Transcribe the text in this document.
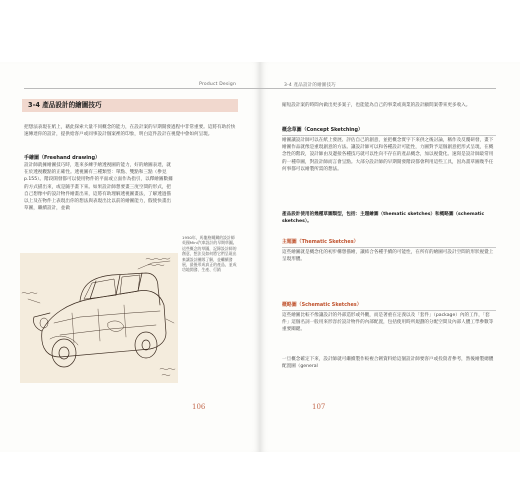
Product Design
3-4 產品設計的繪圖技巧

把想法表現在紙上，藉此探索大量不同概念的能力，在設計案的早期開發過程中非常重要。這將有助於快速傳達你的設計，提供給客戶或同事設計個案裡的印象，明白這件設計在視覺中會如何呈現。

手繪圖（Freehand drawing）

設計師就擁繪圖技巧時，進來多練手繪透視圖的能力，好的繪圖表達，就在於透視觀點的正確性。透視圖有三種類型：單點、雙點和三點（參見p.155）。階段開發都可以使用物件的平面或立面作為指引，以釋繪圖數據的方式描出來，或是隨手畫下來。如果設計師想要畫三度空間的形式，把自己想像中的設計物件繪畫出來，這將有助理解透視圖畫法，了解透過描以上及在物件上表現出你的想法與表現出比以前的繪圖能力，假使快畫出草圖，繼續設計，並做

1950年，馬龍格爾鋼的設計師英國Mini汽車設計的早期草圖。這些概念的草圖，記錄設計師的創意，想法及如何將它們呈現出來讓設計團隊了解，並繼續發展，最後形成真正的產品，並成功地開發、生產、行銷
106
3-4 產品設計的繪圖技巧

縮短設計案的時間內做出更多案子，也能能為自己的事業或商業的設計顧問案帶來更多收入。

概念草圖（Concept Sketching）

繪圖讓設計師可以在紙上發展、評估自己的創意，並把概念實字下來供之後討論，稱作及反覆研發，畫下繪圖作品就像是重現創意的方法。讓設計師可以和各種設計可能性，力圖對予這個創意把形式呈現，在概念性的階段，設計師由及邊接各種技巧就可以性向不存在的產品概念，加以視覺化。速寫是設計師最常用的一種草圖，對設計師而言會呈點。大部分設計師的早期開發階段都會利用這些工具，因為畫草圖幾乎任何事都可以繪製所需的想法。

產品設計使用的幾種草圖類型，包括：主題繪圖（thematic sketches）和概略圖（schematic sketches）。

主題圖（Thematic Sketches）

這些繪圖就是概念化的初步構想描繪，讓結合各種手續的可能性，在所有的繪圖可設計空間的形狀視覺上呈現形體。

概略圖（Schematic Sketches）

這些繪圖比較不像讓設計的外部造形或外觀，而是著重在定義以及「套件」（package）內的工作，「套件」這個名詞一般用來形容於設計物件的內部配置，包括使用時所規劃的分配空間及內部人體工學參數等重要關鍵。

一旦概念確定下來，設計師就可繼續製作較複合韌資料給這個設計師要客戶或投資者參考，然後繪製總體配置圖（general

107
